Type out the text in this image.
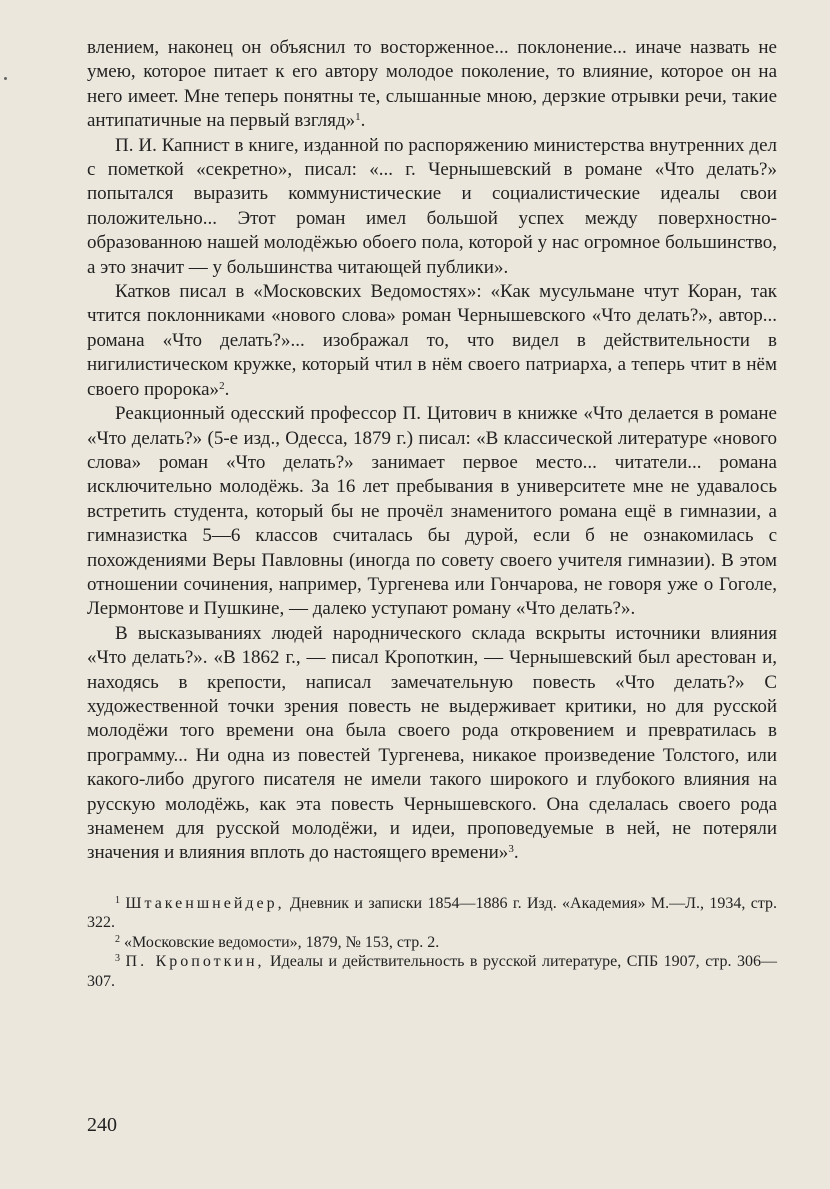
влением, наконец он объяснил то восторженное... поклонение... иначе назвать не умею, которое питает к его автору молодое поколение, то влияние, которое он на него имеет. Мне теперь понятны те, слышанные мною, дерзкие отрывки речи, такие антипатичные на первый взгляд»$^1$.

П. И. Капнист в книге, изданной по распоряжению министерства внутренних дел с пометкой «секретно», писал: «... г. Чернышевский в романе «Что делать?» попытался выразить коммунистические и социалистические идеалы свои положительно... Этот роман имел большой успех между поверхностно-образованною нашей молодёжью обоего пола, которой у нас огромное большинство, а это значит — у большинства читающей публики».

Катков писал в «Московских Ведомостях»: «Как мусульмане чтут Коран, так чтится поклонниками «нового слова» роман Чернышевского «Что делать?», автор... романа «Что делать?»... изображал то, что видел в действительности в нигилистическом кружке, который чтил в нём своего патриарха, а теперь чтит в нём своего пророка»$^2$.

Реакционный одесский профессор П. Цитович в книжке «Что делается в романе «Что делать?» (5-е изд., Одесса, 1879 г.) писал: «В классической литературе «нового слова» роман «Что делать?» занимает первое место... читатели... романа исключительно молодёжь. За 16 лет пребывания в университете мне не удавалось встретить студента, который бы не прочёл знаменитого романа ещё в гимназии, а гимназистка 5—6 классов считалась бы дурой, если б не ознакомилась с похождениями Веры Павловны (иногда по совету своего учителя гимназии). В этом отношении сочинения, например, Тургенева или Гончарова, не говоря уже о Гоголе, Лермонтове и Пушкине, — далеко уступают роману «Что делать?».

В высказываниях людей народнического склада вскрыты источники влияния «Что делать?». «В 1862 г., — писал Кропоткин, — Чернышевский был арестован и, находясь в крепости, написал замечательную повесть «Что делать?» С художественной точки зрения повесть не выдерживает критики, но для русской молодёжи того времени она была своего рода откровением и превратилась в программу... Ни одна из повестей Тургенева, никакое произведение Толстого, или какого-либо другого писателя не имели такого широкого и глубокого влияния на русскую молодёжь, как эта повесть Чернышевского. Она сделалась своего рода знаменем для русской молодёжи, и идеи, проповедуемые в ней, не потеряли значения и влияния вплоть до настоящего времени»$^3$.

$^1$ Штакеншнейдер, Дневник и записки 1854—1886 г. Изд. «Академия» М.—Л., 1934, стр. 322.

$^2$ «Московские ведомости», 1879, № 153, стр. 2.

$^3$ П. Кропоткин, Идеалы и действительность в русской литературе, СПБ 1907, стр. 306—307.

240
